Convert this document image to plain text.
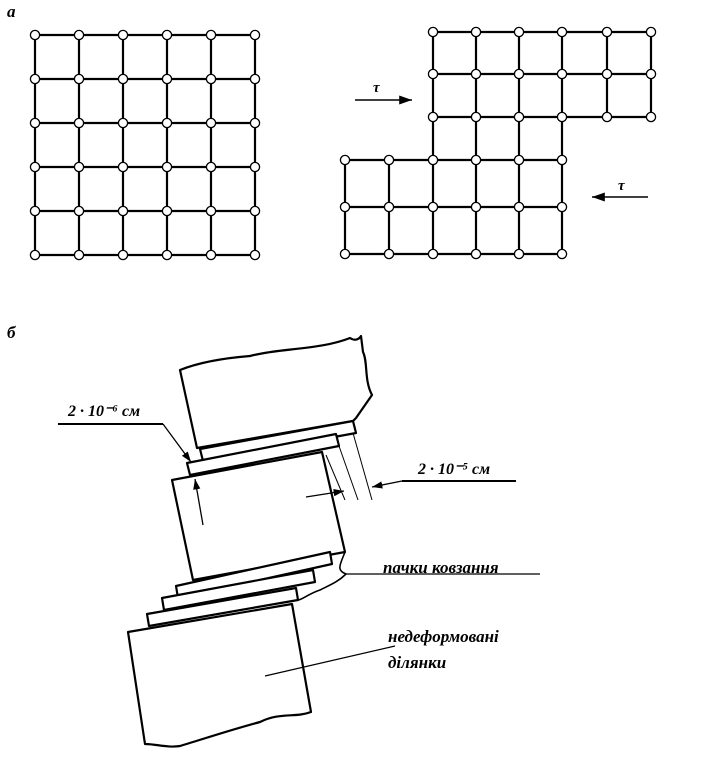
а
τ
τ
б
2 · 10⁻⁶ см
2 · 10⁻⁵ см
пачки ковзання
недеформовані
ділянки
